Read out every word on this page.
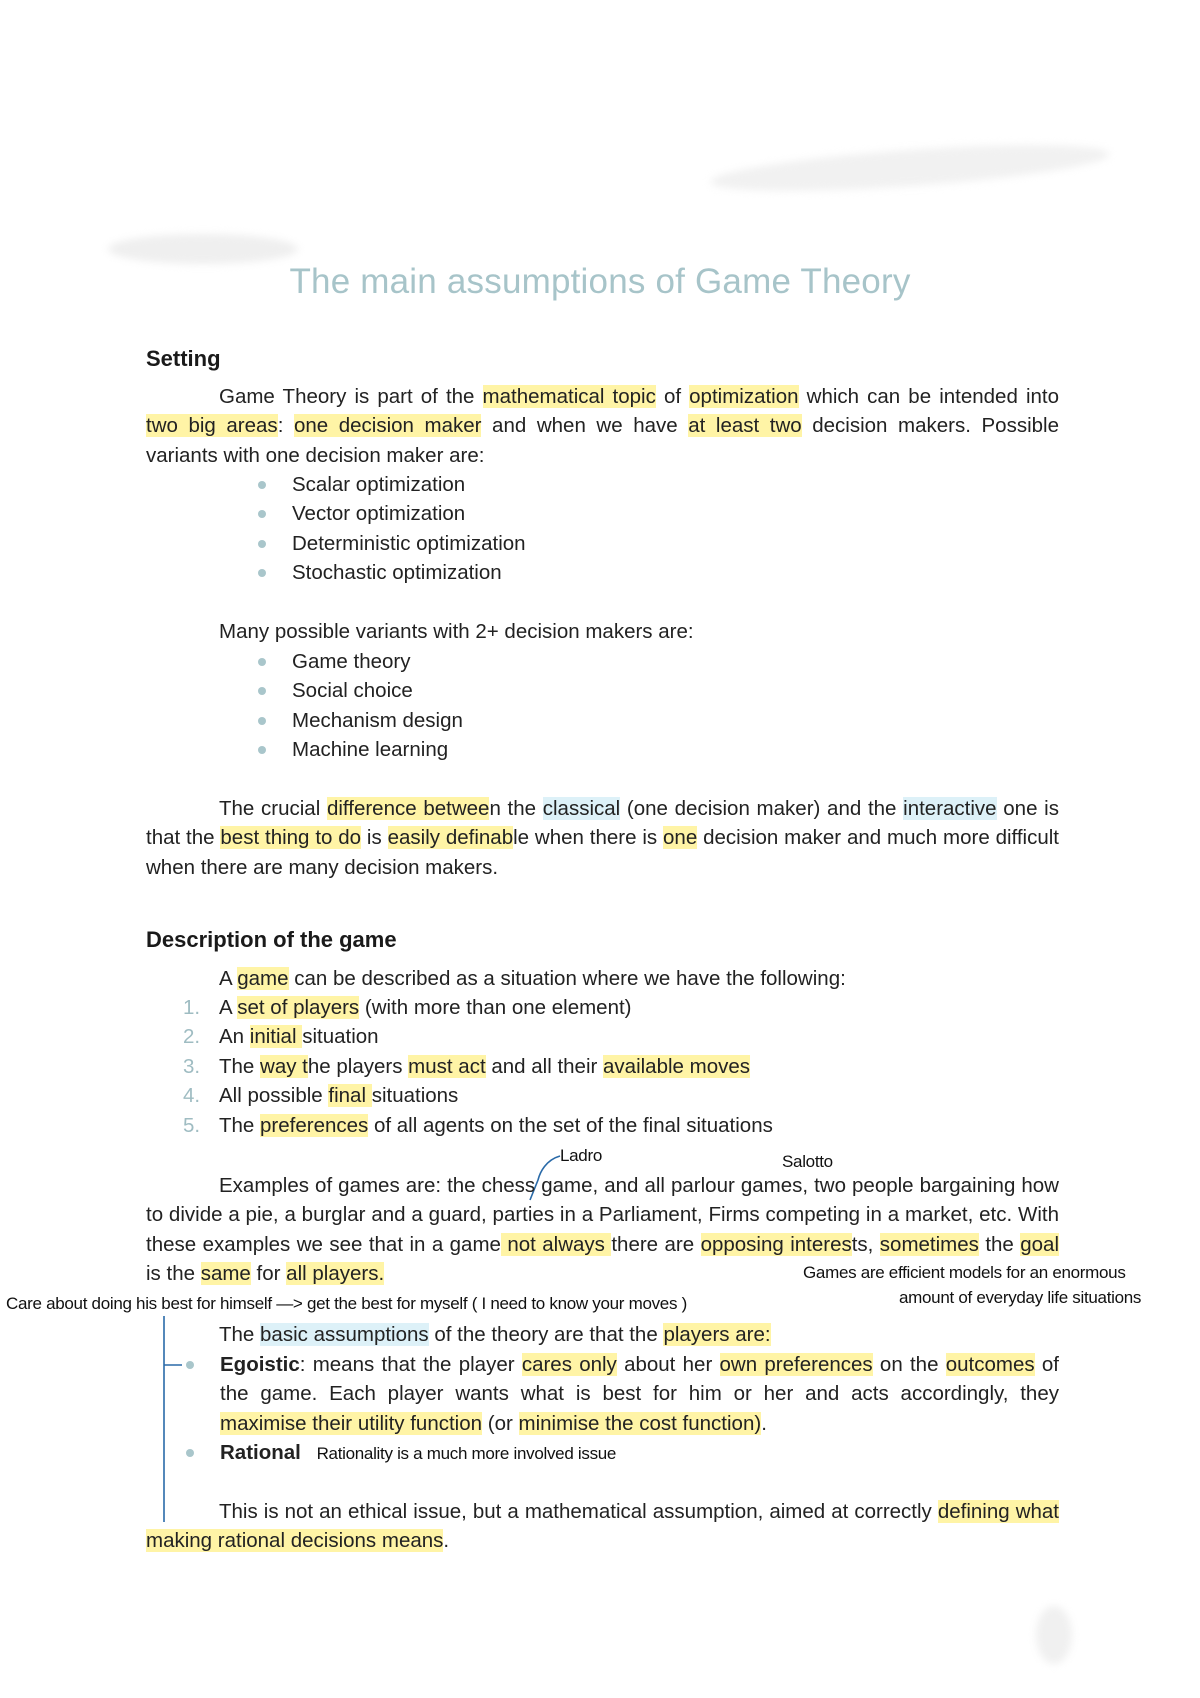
The main assumptions of Game Theory
Setting
Game Theory is part of the mathematical topic of optimization which can be intended into two big areas: one decision maker and when we have at least two decision makers. Possible variants with one decision maker are:
Scalar optimization
Vector optimization
Deterministic optimization
Stochastic optimization
Many possible variants with 2+ decision makers are:
Game theory
Social choice
Mechanism design
Machine learning
The crucial difference between the classical (one decision maker) and the interactive one is that the best thing to do is easily definable when there is one decision maker and much more difficult when there are many decision makers.
Description of the game
A game can be described as a situation where we have the following:
1. A set of players (with more than one element)
2. An initial situation
3. The way the players must act and all their available moves
4. All possible final situations
5. The preferences of all agents on the set of the final situations
Ladro	Salotto
Examples of games are: the chess game, and all parlour games, two people bargaining how to divide a pie, a burglar and a guard, parties in a Parliament, Firms competing in a market, etc. With these examples we see that in a game not always there are opposing interests, sometimes the goal is the same for all players.	Games are efficient models for an enormous
amount of everyday life situations
Care about doing his best for himself —> get the best for myself ( I need to know your moves )
The basic assumptions of the theory are that the players are:
Egoistic: means that the player cares only about her own preferences on the outcomes of the game. Each player wants what is best for him or her and acts accordingly, they maximise their utility function (or minimise the cost function).
Rational Rationality is a much more involved issue
This is not an ethical issue, but a mathematical assumption, aimed at correctly defining what making rational decisions means.
